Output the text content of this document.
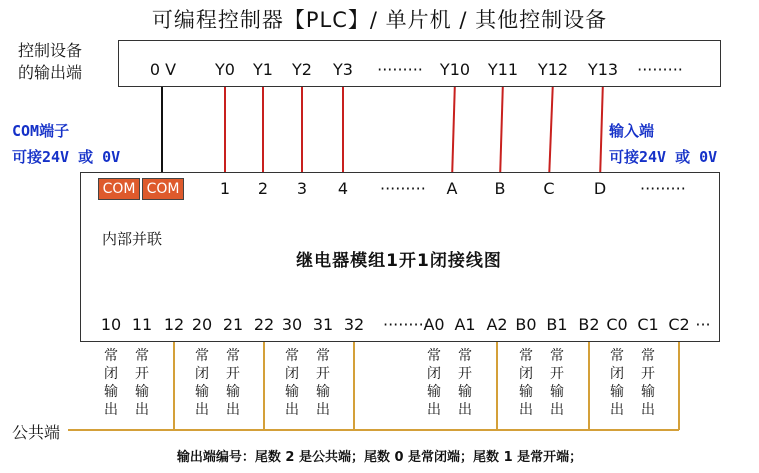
可编程控制器【PLC】/ 单片机 / 其他控制设备
控制设备
的输出端	0 V	Y0	Y1	Y2	Y3	·········	Y10	Y11	Y12	Y13	·········
COM端子
可接24V 或 0V
输入端
可接24V 或 0V
COM COM
内部并联
1	2	3	4	·········	A	B	C	D	·········
继电器模组1开1闭接线图
10 11 12 20 21 22 30 31 32	·········
A0 A1 A2 B0 B1 B2 C0 C1 C2 ···
常
闭
输
出
常
闭
输
出
常
闭
输
出
常
闭
输
出
常
闭
输
出
常
闭
输
出
常
开
输
出
常
开
输
出
常
开
输
出
常
开
输
出
常
开
输
出
常
开
输
出
公共端
输出端编号：尾数 2 是公共端；尾数 0 是常闭端；尾数 1 是常开端；
